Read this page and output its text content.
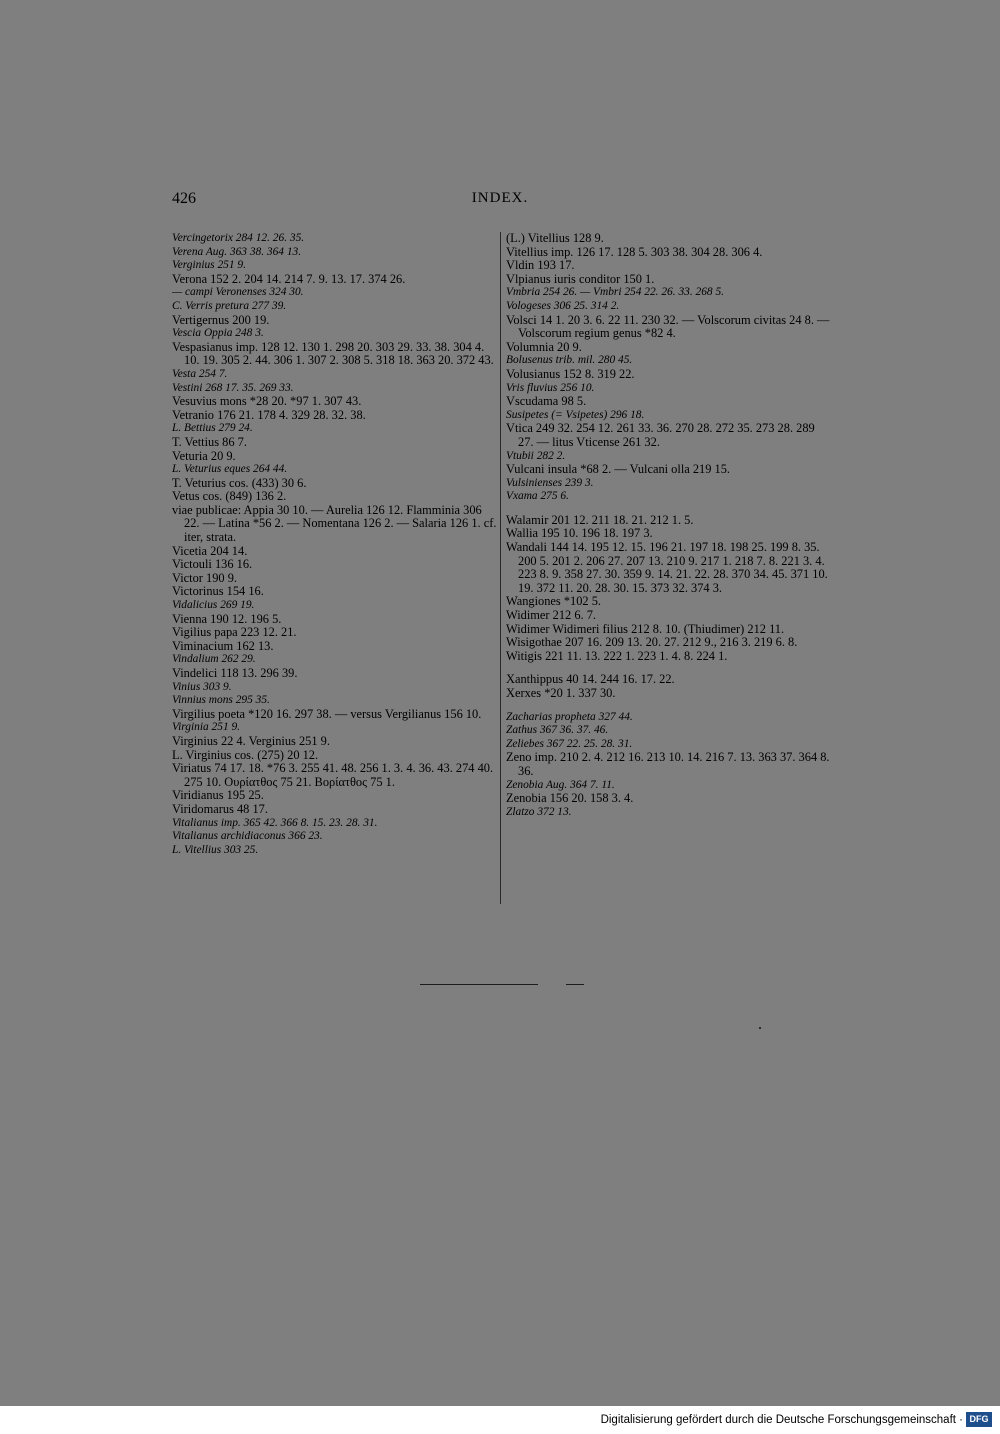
426	INDEX.
Vercingetorix 284 12. 26. 35.
Verena Aug. 363 38. 364 13.
Verginius 251 9.
Verona 152 2. 204 14. 214 7. 9. 13. 17. 374 26.
— campi Veronenses 324 30.
C. Verris pretura 277 39.
Vertigernus 200 19.
Vescia Oppia 248 3.
Vespasianus imp. 128 12. 130 1. 298 20. 303 29. 33. 38. 304 4. 10. 19. 305 2. 44. 306 1. 307 2. 308 5. 318 18. 363 20. 372 43.
Vesta 254 7.
Vestini 268 17. 35. 269 33.
Vesuvius mons *28 20. *97 1. 307 43.
Vetranio 176 21. 178 4. 329 28. 32. 38.
L. Bettius 279 24.
T. Vettius 86 7.
Veturia 20 9.
L. Veturius eques 264 44.
T. Veturius cos. (433) 30 6.
Vetus cos. (849) 136 2.
viae publicae: Appia 30 10. — Aurelia 126 12. Flamminia 306 22. — Latina *56 2. — Nomentana 126 2. — Salaria 126 1. cf. iter, strata.
Vicetia 204 14.
Victouli 136 16.
Victor 190 9.
Victorinus 154 16.
Vidalicius 269 19.
Vienna 190 12. 196 5.
Vigilius papa 223 12. 21.
Viminacium 162 13.
Vindalium 262 29.
Vindelici 118 13. 296 39.
Vinius 303 9.
Vinnius mons 295 35.
Virgilius poeta *120 16. 297 38. — versus Vergilianus 156 10.
Virginia 251 9.
Virginius 22 4. Verginius 251 9.
L. Virginius cos. (275) 20 12.
Viriatus 74 17. 18. *76 3. 255 41. 48. 256 1. 3. 4. 36. 43. 274 40. 275 10. Ουρίατθος 75 21. Βορίατθος 75 1.
Viridianus 195 25.
Viridomarus 48 17.
Vitalianus imp. 365 42. 366 8. 15. 23. 28. 31.
Vitalianus archidiaconus 366 23.
L. Vitellius 303 25.
(L.) Vitellius 128 9.
Vitellius imp. 126 17. 128 5. 303 38. 304 28. 306 4.
Vldin 193 17.
Vlpianus iuris conditor 150 1.
Vmbria 254 26. — Vmbri 254 22. 26. 33. 268 5.
Vologeses 306 25. 314 2.
Volsci 14 1. 20 3. 6. 22 11. 230 32. — Volscorum civitas 24 8. — Volscorum regium genus *82 4.
Volumnia 20 9.
Bolusenus trib. mil. 280 45.
Volusianus 152 8. 319 22.
Vris fluvius 256 10.
Vscudama 98 5.
Susipetes (= Vsipetes) 296 18.
Vtica 249 32. 254 12. 261 33. 36. 270 28. 272 35. 273 28. 289 27. — litus Vticense 261 32.
Vtubii 282 2.
Vulcani insula *68 2. — Vulcani olla 219 15.
Vulsinienses 239 3.
Vxama 275 6.
Walamir 201 12. 211 18. 21. 212 1. 5.
Wallia 195 10. 196 18. 197 3.
Wandali 144 14. 195 12. 15. 196 21. 197 18. 198 25. 199 8. 35. 200 5. 201 2. 206 27. 207 13. 210 9. 217 1. 218 7. 8. 221 3. 4. 223 8. 9. 358 27. 30. 359 9. 14. 21. 22. 28. 370 34. 45. 371 10. 19. 372 11. 20. 28. 30. 15. 373 32. 374 3.
Wangiones *102 5.
Widimer 212 6. 7.
Widimer Widimeri filius 212 8. 10. (Thiudimer) 212 11.
Wisigothae 207 16. 209 13. 20. 27. 212 9., 216 3. 219 6. 8.
Witigis 221 11. 13. 222 1. 223 1. 4. 8. 224 1.
Xanthippus 40 14. 244 16. 17. 22.
Xerxes *20 1. 337 30.
Zacharias propheta 327 44.
Zathus 367 36. 37. 46.
Zeliebes 367 22. 25. 28. 31.
Zeno imp. 210 2. 4. 212 16. 213 10. 14. 216 7. 13. 363 37. 364 8. 36.
Zenobia Aug. 364 7. 11.
Zenobia 156 20. 158 3. 4.
Zlatzo 372 13.
Digitalisierung gefördert durch die Deutsche Forschungsgemeinschaft · DFG
